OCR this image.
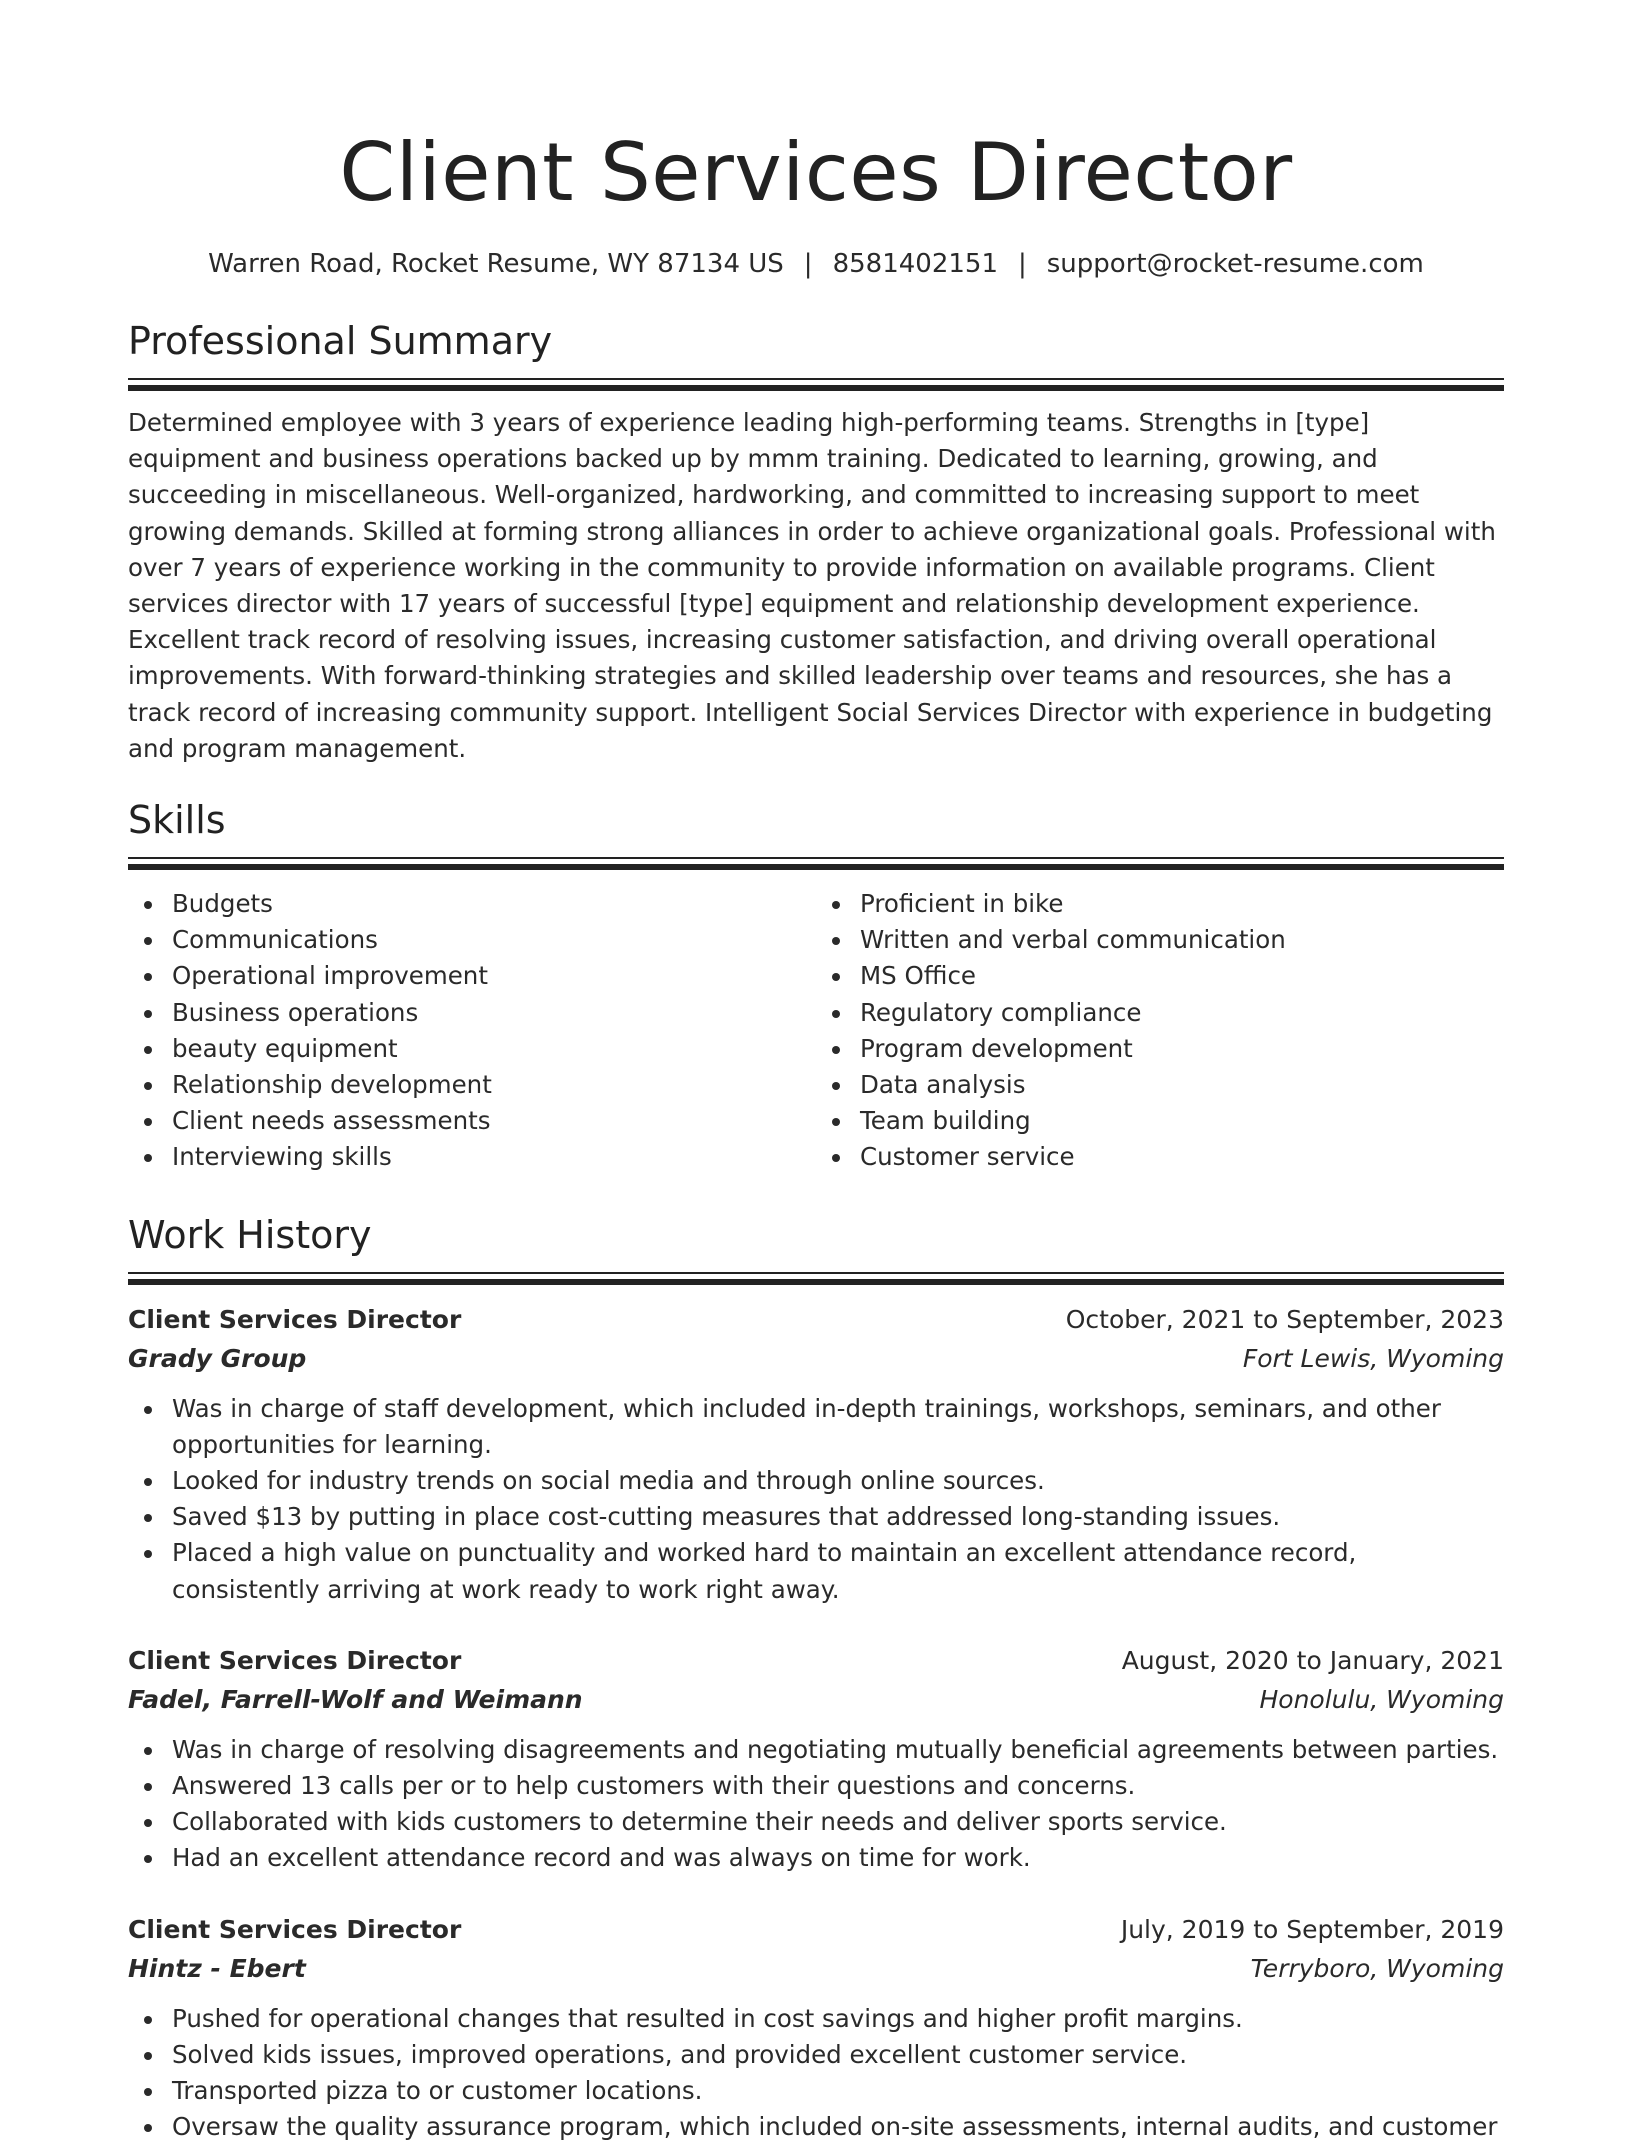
Client Services Director
Warren Road, Rocket Resume, WY 87134 US | 8581402151 | support@rocket-resume.com
Professional Summary

Determined employee with 3 years of experience leading high-performing teams. Strengths in [type] equipment and business operations backed up by mmm training. Dedicated to learning, growing, and succeeding in miscellaneous. Well-organized, hardworking, and committed to increasing support to meet growing demands. Skilled at forming strong alliances in order to achieve organizational goals. Professional with over 7 years of experience working in the community to provide information on available programs. Client services director with 17 years of successful [type] equipment and relationship development experience. Excellent track record of resolving issues, increasing customer satisfaction, and driving overall operational improvements. With forward-thinking strategies and skilled leadership over teams and resources, she has a track record of increasing community support. Intelligent Social Services Director with experience in budgeting and program management.

Skills
Budgets
Communications
Operational improvement
Business operations
beauty equipment
Relationship development
Client needs assessments
Interviewing skills
Proficient in bike
Written and verbal communication
MS Office
Regulatory compliance
Program development
Data analysis
Team building
Customer service
Work History
Client Services Director	October, 2021 to September, 2023
Grady Group	Fort Lewis, Wyoming
Was in charge of staff development, which included in-depth trainings, workshops, seminars, and other opportunities for learning.
Looked for industry trends on social media and through online sources.
Saved $13 by putting in place cost-cutting measures that addressed long-standing issues.
Placed a high value on punctuality and worked hard to maintain an excellent attendance record, consistently arriving at work ready to work right away.
Client Services Director	August, 2020 to January, 2021
Fadel, Farrell-Wolf and Weimann	Honolulu, Wyoming
Was in charge of resolving disagreements and negotiating mutually beneficial agreements between parties.
Answered 13 calls per or to help customers with their questions and concerns.
Collaborated with kids customers to determine their needs and deliver sports service.
Had an excellent attendance record and was always on time for work.
Client Services Director	July, 2019 to September, 2019
Hintz - Ebert	Terryboro, Wyoming
Pushed for operational changes that resulted in cost savings and higher profit margins.
Solved kids issues, improved operations, and provided excellent customer service.
Transported pizza to or customer locations.
Oversaw the quality assurance program, which included on-site assessments, internal audits, and customer
